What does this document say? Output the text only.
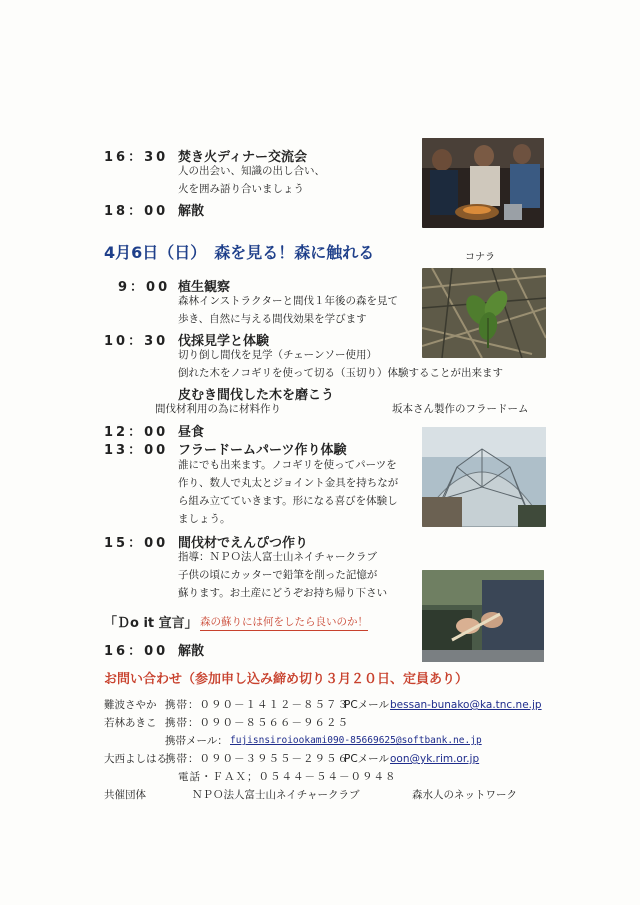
16：30 焚き火ディナー交流会
人の出会い、知識の出し合い、
火を囲み語り合いましょう
18：00 解散
4月6日（日）　森を見る！森に触れる	コナラ
9：00 植生観察
森林インストラクターと間伐１年後の森を見て
歩き、自然に与える間伐効果を学びます
10：30 伐採見学と体験
切り倒し間伐を見学（チェーンソー使用）
倒れた木をノコギリを使って切る（玉切り）体験することが出来ます
皮むき間伐した木を磨こう
間伐材利用の為に材料作り	坂本さん製作のフラードーム
12：00 昼食
13：00 フラードームパーツ作り体験
誰にでも出来ます。ノコギリを使ってパーツを
作り、数人で丸太とジョイント金具を持ちなが
ら組み立てていきます。形になる喜びを体験し
ましょう。
15：00 間伐材でえんぴつ作り
指導：ＮＰＯ法人富士山ネイチャークラブ
子供の頃にカッターで鉛筆を削った記憶が
蘇ります。お土産にどうぞお持ち帰り下さい
「Ｄo it 宣言」 森の蘇りには何をしたら良いのか！
16：00 解散
お問い合わせ（参加申し込み締め切り３月２０日、定員あり）
難波さやか 携帯：０９０－１４１２－８５７３
PCメール bessan-bunako@ka.tnc.ne.jp
若林あきこ 携帯：０９０－８５６６－９６２５
携帯メール： fujisnsiroiookami090-85669625@softbank.ne.jp
大西よしはる
携帯：０９０－３９５５－２９５６
PCメール oon@yk.rim.or.jp
電話・ＦＡＸ；０５４４－５４－０９４８
共催団体	ＮＰＯ法人富士山ネイチャークラブ	森水人のネットワーク
